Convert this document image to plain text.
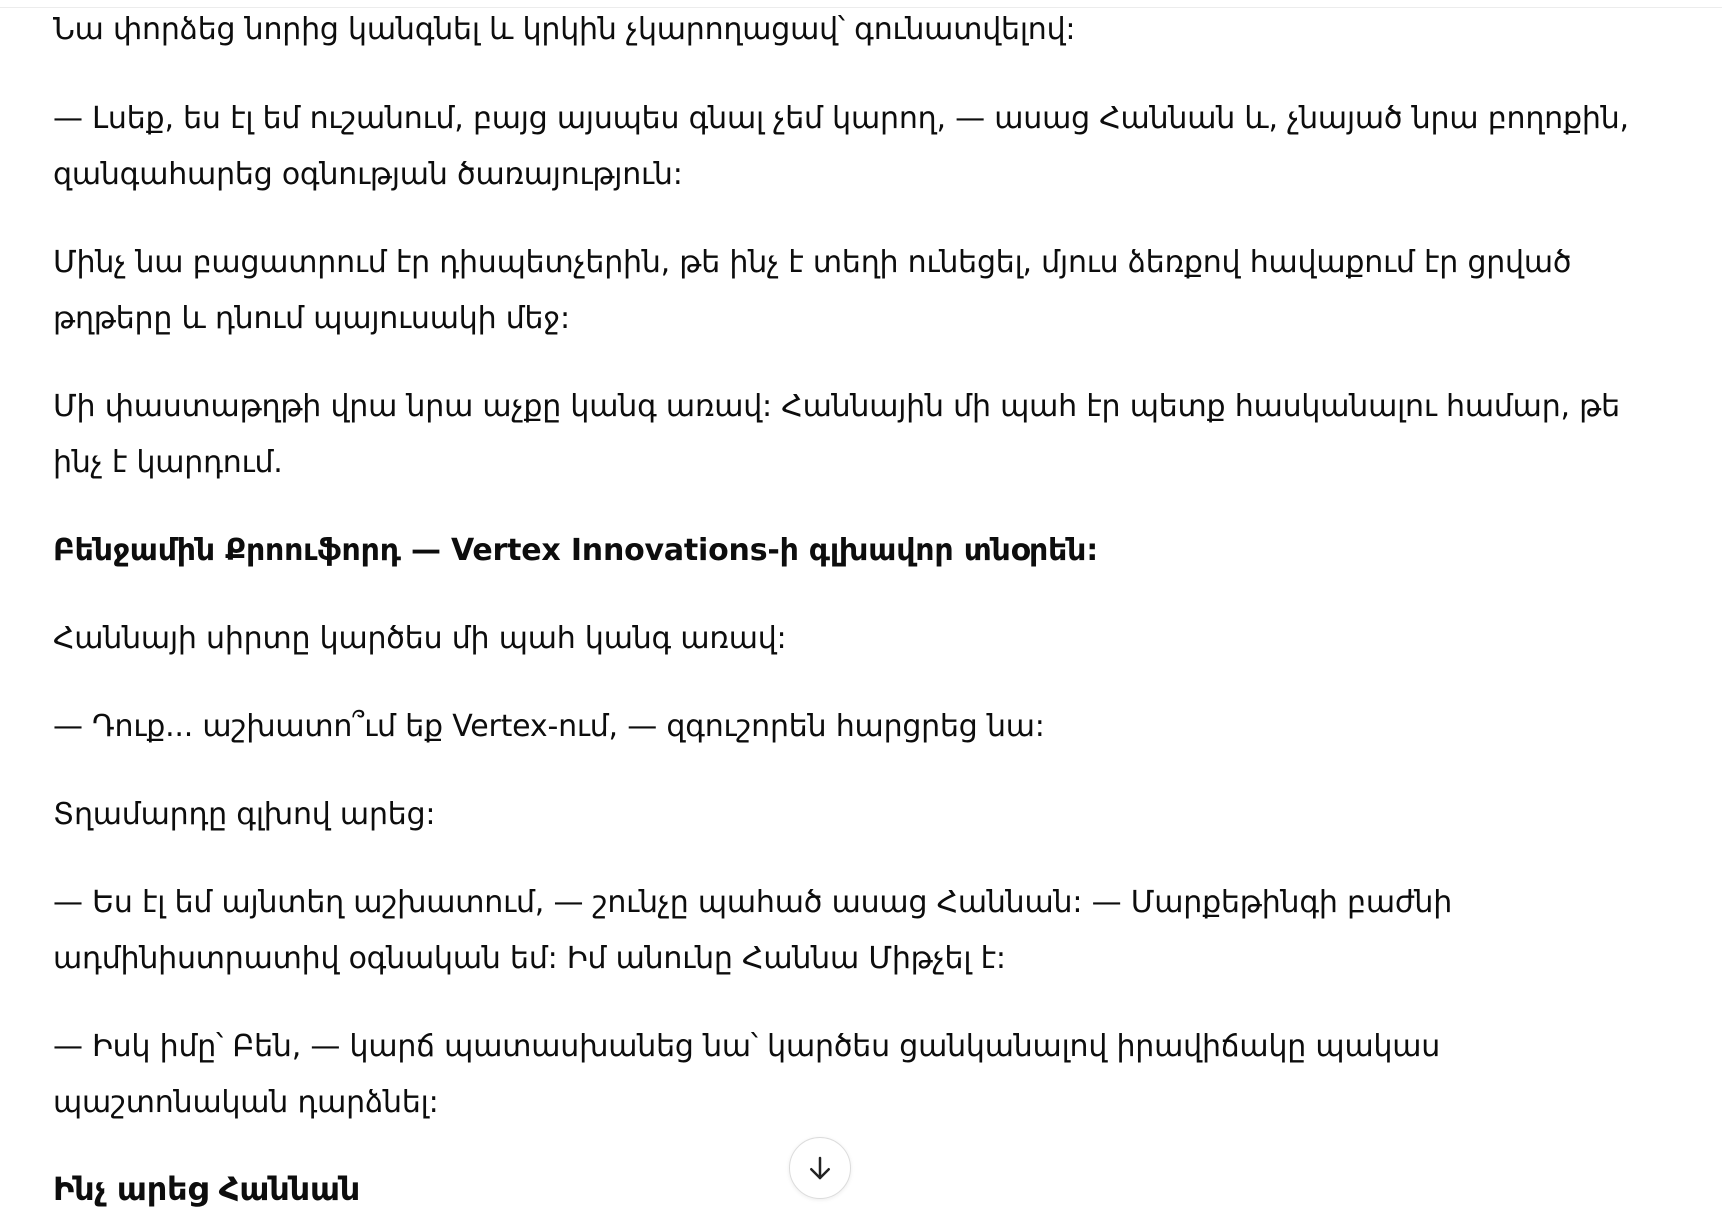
Նա փորձեց նորից կանգնել և կրկին չկարողացավ՝ գունատվելով:

— Լսեք, ես էլ եմ ուշանում, բայց այսպես գնալ չեմ կարող, — ասաց Հաննան և, չնայած նրա բողոքին,
զանգահարեց օգնության ծառայություն:

Մինչ նա բացատրում էր դիսպետչերին, թե ինչ է տեղի ունեցել, մյուս ձեռքով հավաքում էր ցրված
թղթերը և դնում պայուսակի մեջ:

Մի փաստաթղթի վրա նրա աչքը կանգ առավ: Հաննային մի պահ էր պետք հասկանալու համար, թե
ինչ է կարդում.

Բենջամին Քրոուֆորդ — Vertex Innovations-ի գլխավոր տնօրեն:

Հաննայի սիրտը կարծես մի պահ կանգ առավ:

— Դուք... աշխատո՞ւմ եք Vertex-ում, — զգուշորեն հարցրեց նա:

Տղամարդը գլխով արեց:

— Ես էլ եմ այնտեղ աշխատում, — շունչը պահած ասաց Հաննան: — Մարքեթինգի բաժնի
ադմինիստրատիվ օգնական եմ: Իմ անունը Հաննա Միթչել է:

— Իսկ իմը՝ Բեն, — կարճ պատասխանեց նա՝ կարծես ցանկանալով իրավիճակը պակաս
պաշտոնական դարձնել:

Ինչ արեց Հաննան
